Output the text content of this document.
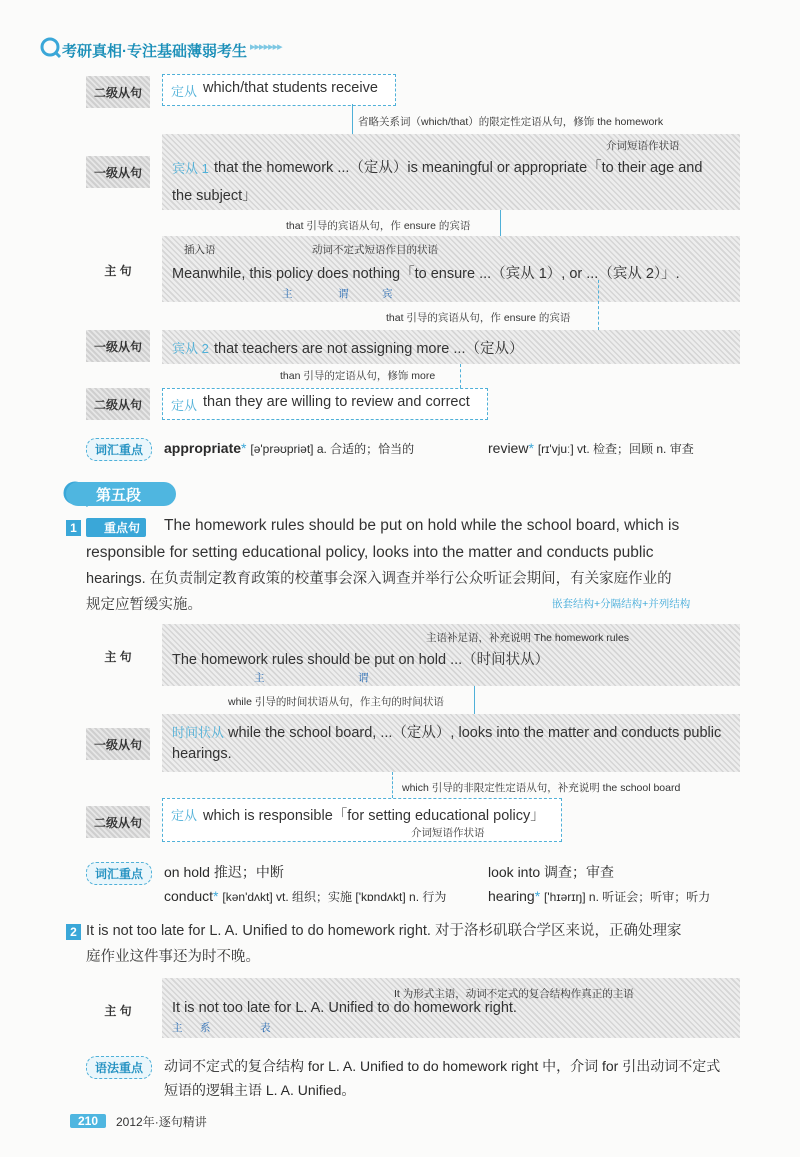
考研真相·专注基础薄弱考生 ▸▸▸▸▸▸▸
二级从句	定从 which/that students receive
省略关系词（which/that）的限定性定语从句，修饰 the homework
一级从句
介词短语作状语
宾从 1 that the homework ...（定从）is meaningful or appropriate「to their age and
the subject」
that 引导的宾语从句，作 ensure 的宾语
主 句
插入语	动词不定式短语作目的状语
Meanwhile, this policy does nothing「to ensure ...（宾从 1）, or ...（宾从 2）」.
主	谓	宾
that 引导的宾语从句，作 ensure 的宾语
一级从句	宾从 2 that teachers are not assigning more ...（定从）
than 引导的定语从句，修饰 more
二级从句	定从 than they are willing to review and correct
词汇重点	appropriate* [ə'prəʊpriət] a. 合适的；恰当的	review* [rɪ'vjuː] vt. 检查；回顾 n. 审查
第五段
1	重点句	The homework rules should be put on hold while the school board, which is
responsible for setting educational policy, looks into the matter and conducts public
hearings. 在负责制定教育政策的校董事会深入调查并举行公众听证会期间，有关家庭作业的
规定应暂缓实施。	嵌套结构+分隔结构+并列结构
主 句
主语补足语，补充说明 The homework rules
The homework rules should be put on hold ...（时间状从）
主	谓
while 引导的时间状语从句，作主句的时间状语
一级从句
时间状从 while the school board, ...（定从）, looks into the matter and conducts public
hearings.
which 引导的非限定性定语从句，补充说明 the school board
二级从句	定从 which is responsible「for setting educational policy」
介词短语作状语
词汇重点	on hold 推迟；中断	look into 调查；审查
conduct* [kən'dʌkt] vt. 组织；实施 ['kɒndʌkt] n. 行为	hearing* ['hɪərɪŋ] n. 听证会；听审；听力
2 It is not too late for L. A. Unified to do homework right. 对于洛杉矶联合学区来说，正确处理家
庭作业这件事还为时不晚。
主 句
It 为形式主语，动词不定式的复合结构作真正的主语
It is not too late for L. A. Unified to do homework right.
主 系	表
语法重点	动词不定式的复合结构 for L. A. Unified to do homework right 中，介词 for 引出动词不定式
短语的逻辑主语 L. A. Unified。
210	2012年·逐句精讲
